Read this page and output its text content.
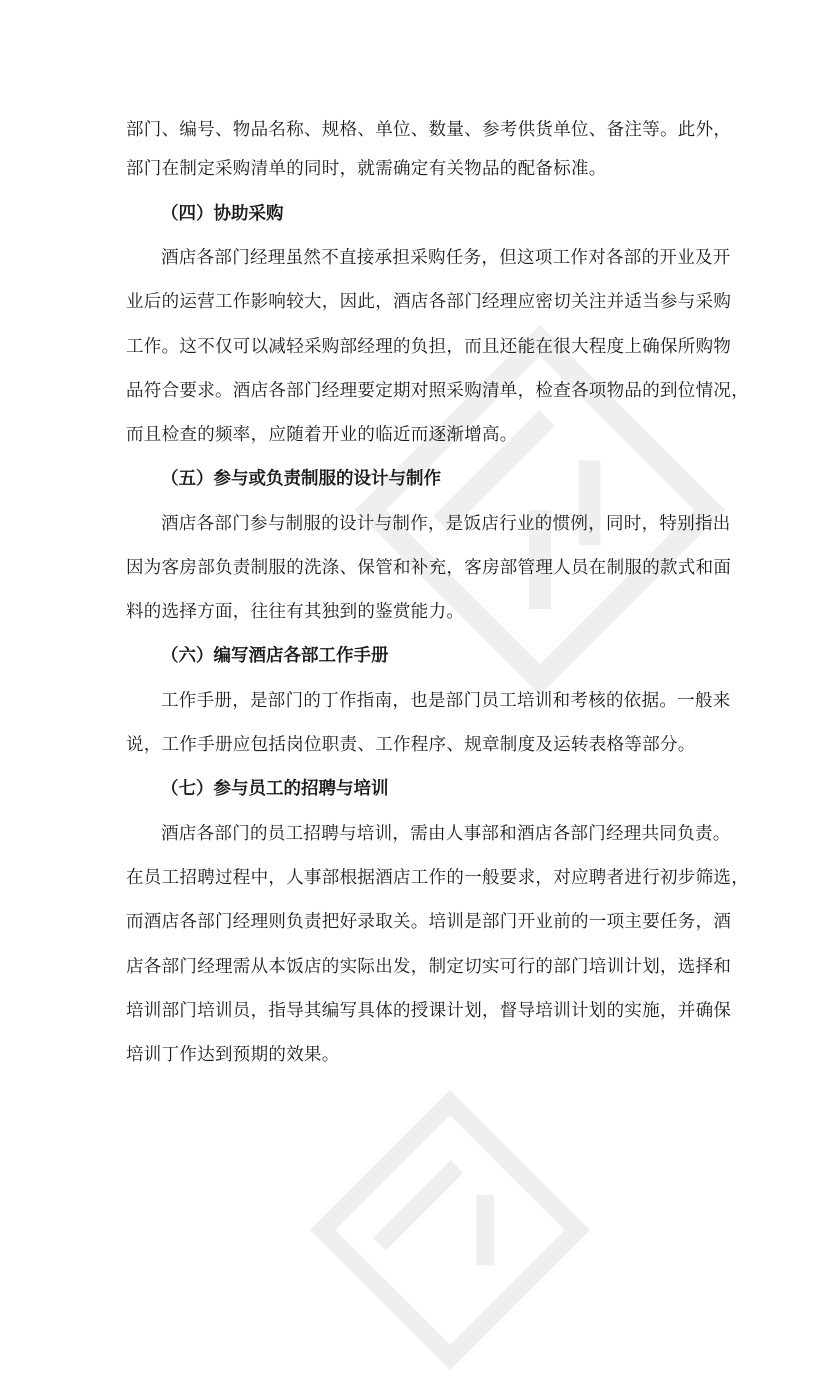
部门、编号、物品名称、规格、单位、数量、参考供货单位、备注等。此外，
部门在制定采购清单的同时，就需确定有关物品的配备标准。
（四）协助采购
酒店各部门经理虽然不直接承担采购任务，但这项工作对各部的开业及开
业后的运营工作影响较大，因此，酒店各部门经理应密切关注并适当参与采购
工作。这不仅可以减轻采购部经理的负担，而且还能在很大程度上确保所购物
品符合要求。酒店各部门经理要定期对照采购清单，检查各项物品的到位情况，
而且检查的频率，应随着开业的临近而逐渐增高。
（五）参与或负责制服的设计与制作
酒店各部门参与制服的设计与制作，是饭店行业的惯例，同时，特别指出
因为客房部负责制服的洗涤、保管和补充，客房部管理人员在制服的款式和面
料的选择方面，往往有其独到的鉴赏能力。
（六）编写酒店各部工作手册
工作手册，是部门的丁作指南，也是部门员工培训和考核的依据。一般来
说，工作手册应包括岗位职责、工作程序、规章制度及运转表格等部分。
（七）参与员工的招聘与培训
酒店各部门的员工招聘与培训，需由人事部和酒店各部门经理共同负责。
在员工招聘过程中，人事部根据酒店工作的一般要求，对应聘者进行初步筛选，
而酒店各部门经理则负责把好录取关。培训是部门开业前的一项主要任务，酒
店各部门经理需从本饭店的实际出发，制定切实可行的部门培训计划，选择和
培训部门培训员，指导其编写具体的授课计划，督导培训计划的实施，并确保
培训丁作达到预期的效果。
